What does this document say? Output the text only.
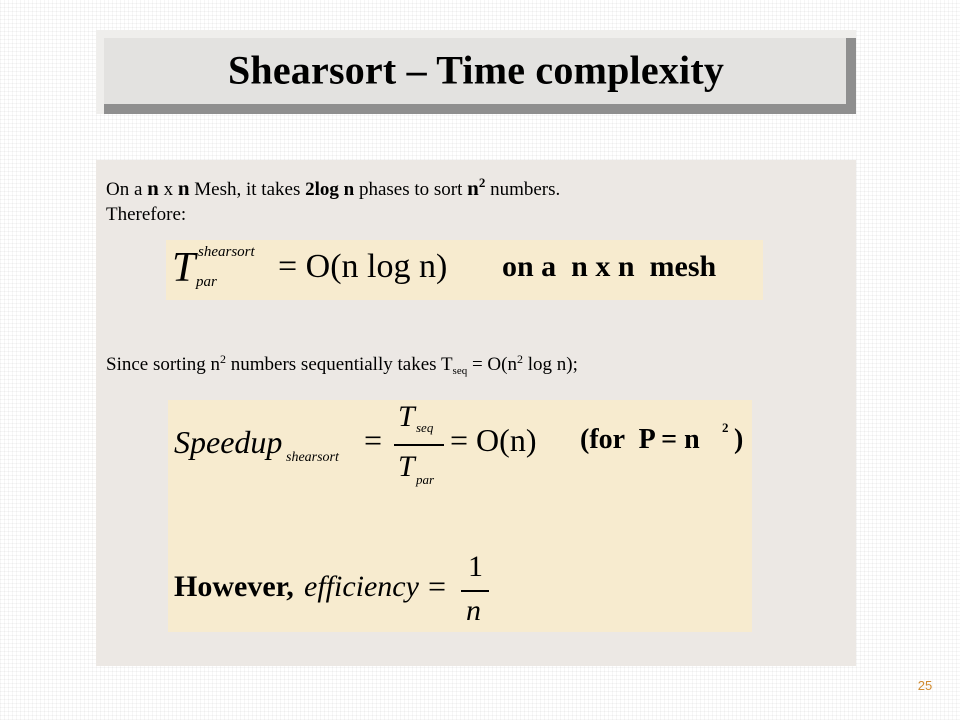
Shearsort – Time complexity
On a n x n Mesh, it takes 2log n phases to sort $n^2$ numbers.
Therefore:
T shearsort
par = O(n log n) on a  n x n  mesh
Since sorting $n^2$ numbers sequentially takes $T_{seq} = O(n^2$ log n);
Speedup shearsort =
T seq
T par
= O(n) (for  P = n 2 )
However, efficiency =
1
n
25
